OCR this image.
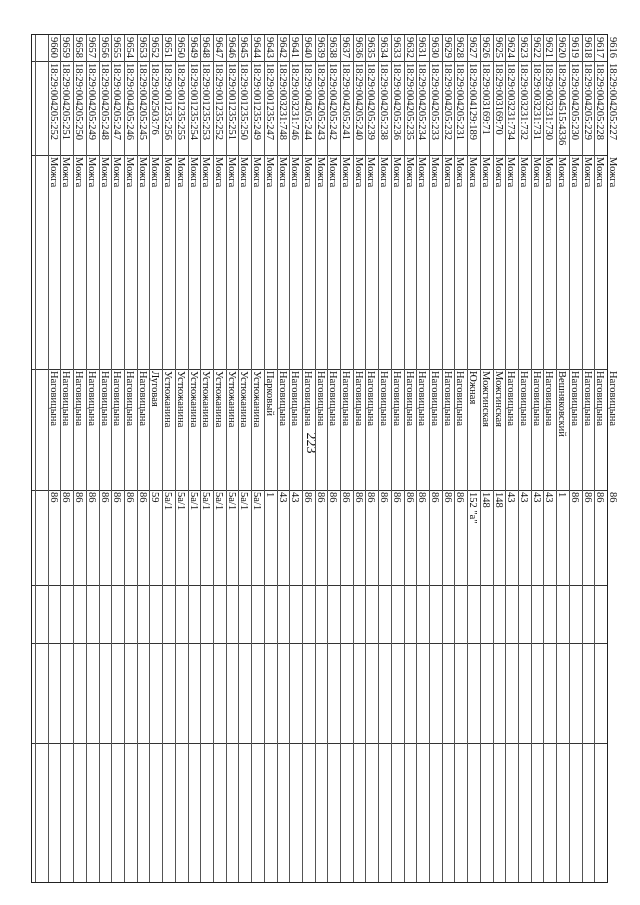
223
9616
18:29:004205:227
Можга
Наговицына
86
9617
18:29:004205:228
Можга
Наговицына
86
9618
18:29:004205:229
Можга
Наговицына
86
9619
18:29:004205:230
Можга
Наговицына
86
9620
18:29:004515:4336
Можга
Вешняковский
1
9621
18:29:003231:730
Можга
Наговицына
43
9622
18:29:003231:731
Можга
Наговицына
43
9623
18:29:003231:732
Можга
Наговицына
43
9624
18:29:003231:734
Можга
Наговицына
43
9625
18:29:003169:70
Можга
Можгинская
148
9626
18:29:003169:71
Можга
Можгинская
148
9627
18:29:004129:189
Можга
Южная
152 "а"
9628
18:29:004205:231
Можга
Наговицына
86
9629
18:29:004205:232
Можга
Наговицына
86
9630
18:29:004205:233
Можга
Наговицына
86
9631
18:29:004205:234
Можга
Наговицына
86
9632
18:29:004205:235
Можга
Наговицына
86
9633
18:29:004205:236
Можга
Наговицына
86
9634
18:29:004205:238
Можга
Наговицына
86
9635
18:29:004205:239
Можга
Наговицына
86
9636
18:29:004205:240
Можга
Наговицына
86
9637
18:29:004205:241
Можга
Наговицына
86
9638
18:29:004205:242
Можга
Наговицына
86
9639
18:29:004205:243
Можга
Наговицына
86
9640
18:29:004205:244
Можга
Наговицына
86
9641
18:29:003231:746
Можга
Наговицына
43
9642
18:29:003231:748
Можга
Наговицына
43
9643
18:29:001235:247
Можга
Парковый
1
9644
18:29:001235:249
Можга
Устюжанина
5а/1
9645
18:29:001235:250
Можга
Устюжанина
5а/1
9646
18:29:001235:251
Можга
Устюжанина
5а/1
9647
18:29:001235:252
Можга
Устюжанина
5а/1
9648
18:29:001235:253
Можга
Устюжанина
5а/1
9649
18:29:001235:254
Можга
Устюжанина
5а/1
9650
18:29:001235:255
Можга
Устюжанина
5а/1
9651
18:29:001235:256
Можга
Устюжанина
5а/1
9652
18:29:002503:76
Можга
Луговая
59
9653
18:29:004205:245
Можга
Наговицына
86
9654
18:29:004205:246
Можга
Наговицына
86
9655
18:29:004205:247
Можга
Наговицына
86
9656
18:29:004205:248
Можга
Наговицына
86
9657
18:29:004205:249
Можга
Наговицына
86
9658
18:29:004205:250
Можга
Наговицына
86
9659
18:29:004205:251
Можга
Наговицына
86
9660
18:29:004205:252
Можга
Наговицына
86
